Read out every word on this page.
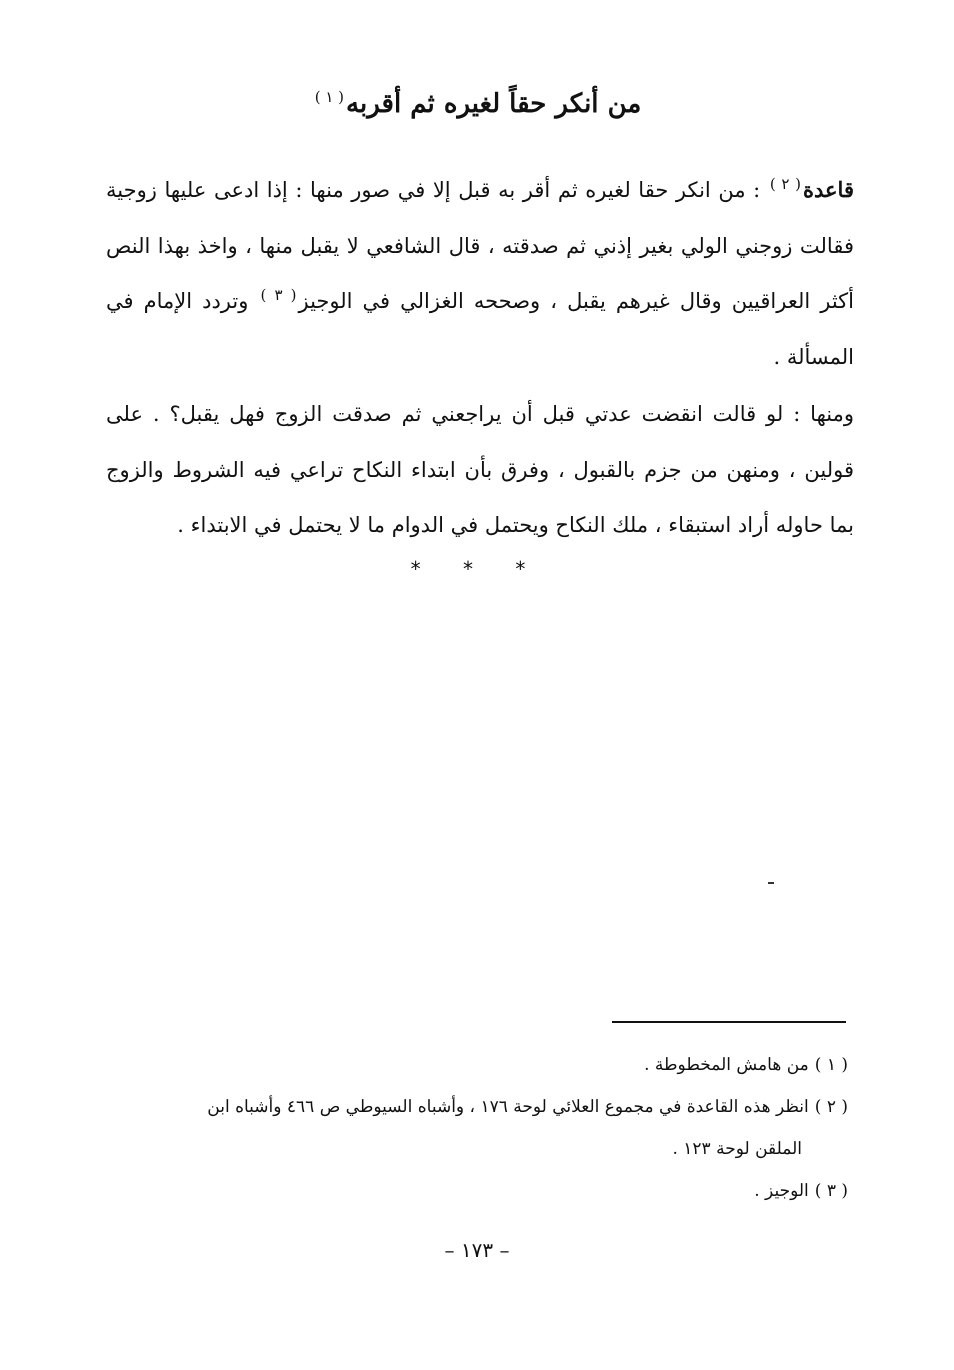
من أنكر حقاً لغيره ثم أقربه$^{( ١ )}$

قاعدة$^{( ٢ )}$ : من انكر حقا لغيره ثم أقر به قبل إلا في صور منها : إذا ادعى عليها زوجية فقالت زوجني الولي بغير إذني ثم صدقته ، قال الشافعي لا يقبل منها ، واخذ بهذا النص أكثر العراقيين وقال غيرهم يقبل ، وصححه الغزالي في الوجيز$^{( ٣ )}$ وتردد الإمام في المسألة .

ومنها : لو قالت انقضت عدتي قبل أن يراجعني ثم صدقت الزوج فهل يقبل؟ . على قولين ، ومنهن من جزم بالقبول ، وفرق بأن ابتداء النكاح تراعي فيه الشروط والزوج بما حاوله أراد استبقاء ، ملك النكاح ويحتمل في الدوام ما لا يحتمل في الابتداء .

* * *

( ١ )من هامش المخطوطة .

( ٢ )انظر هذه القاعدة في مجموع العلائي لوحة ١٧٦ ، وأشباه السيوطي ص ٤٦٦ وأشباه ابن

الملقن لوحة ١٢٣ .

( ٣ )الوجيز .

– ١٧٣ –
